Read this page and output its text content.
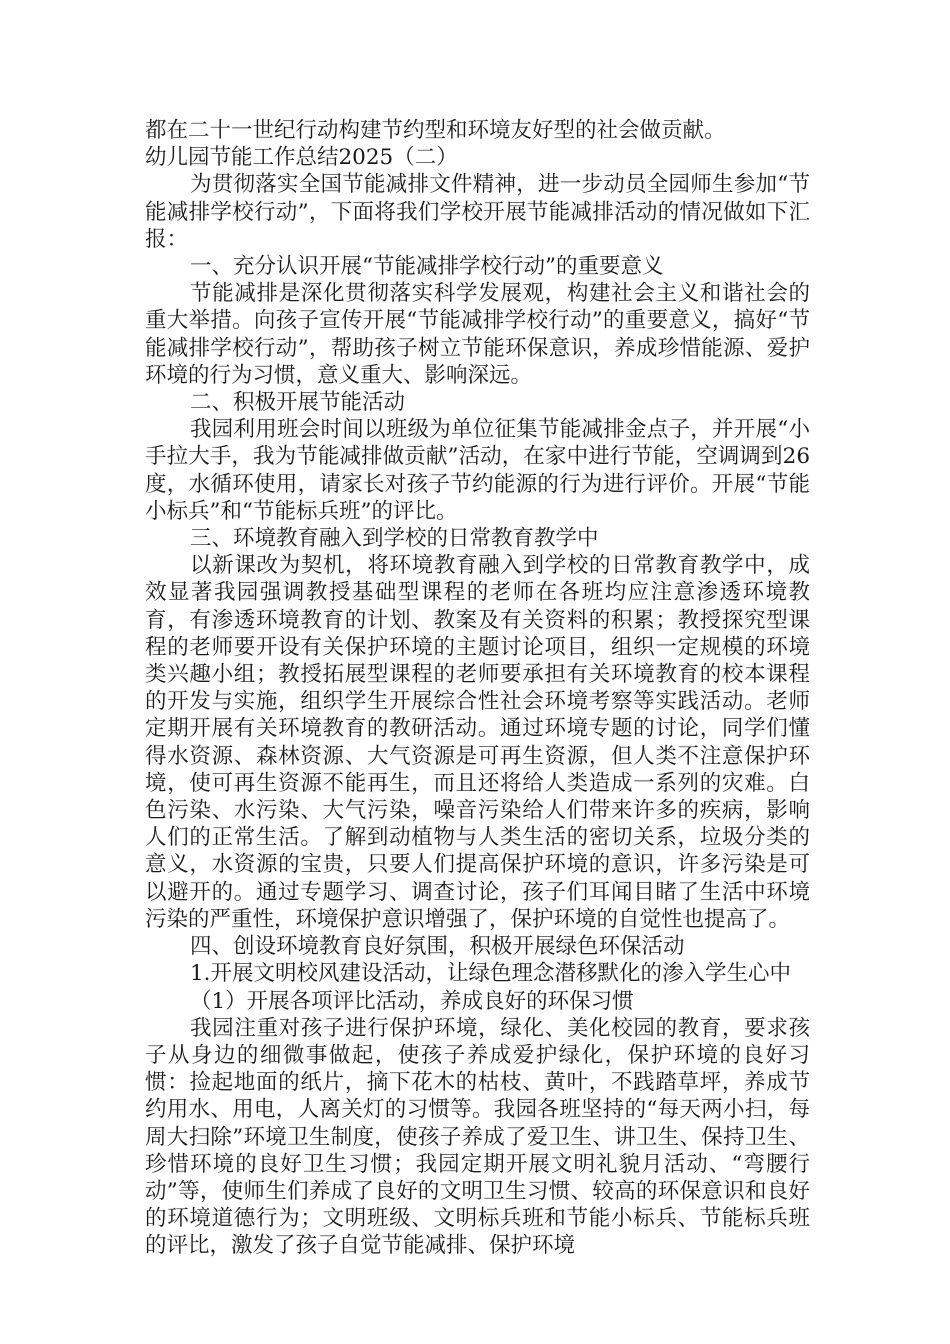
都在二十一世纪行动构建节约型和环境友好型的社会做贡献。

幼儿园节能工作总结2025（二）

为贯彻落实全国节能减排文件精神，进一步动员全园师生参加“节能减排学校行动”，下面将我们学校开展节能减排活动的情况做如下汇报：

一、充分认识开展“节能减排学校行动”的重要意义

节能减排是深化贯彻落实科学发展观，构建社会主义和谐社会的重大举措。向孩子宣传开展“节能减排学校行动”的重要意义，搞好“节能减排学校行动”，帮助孩子树立节能环保意识，养成珍惜能源、爱护环境的行为习惯，意义重大、影响深远。

二、积极开展节能活动

我园利用班会时间以班级为单位征集节能减排金点子，并开展“小手拉大手，我为节能减排做贡献”活动，在家中进行节能，空调调到26度，水循环使用，请家长对孩子节约能源的行为进行评价。开展“节能小标兵”和“节能标兵班”的评比。

三、环境教育融入到学校的日常教育教学中

以新课改为契机，将环境教育融入到学校的日常教育教学中，成效显著我园强调教授基础型课程的老师在各班均应注意渗透环境教育，有渗透环境教育的计划、教案及有关资料的积累；教授探究型课程的老师要开设有关保护环境的主题讨论项目，组织一定规模的环境类兴趣小组；教授拓展型课程的老师要承担有关环境教育的校本课程的开发与实施，组织学生开展综合性社会环境考察等实践活动。老师定期开展有关环境教育的教研活动。通过环境专题的讨论，同学们懂得水资源、森林资源、大气资源是可再生资源，但人类不注意保护环境，使可再生资源不能再生，而且还将给人类造成一系列的灾难。白色污染、水污染、大气污染，噪音污染给人们带来许多的疾病，影响人们的正常生活。了解到动植物与人类生活的密切关系，垃圾分类的意义，水资源的宝贵，只要人们提高保护环境的意识，许多污染是可以避开的。通过专题学习、调查讨论，孩子们耳闻目睹了生活中环境污染的严重性，环境保护意识增强了，保护环境的自觉性也提高了。

四、创设环境教育良好氛围，积极开展绿色环保活动

1.开展文明校风建设活动，让绿色理念潜移默化的渗入学生心中

（1）开展各项评比活动，养成良好的环保习惯

我园注重对孩子进行保护环境，绿化、美化校园的教育，要求孩子从身边的细微事做起，使孩子养成爱护绿化，保护环境的良好习惯：捡起地面的纸片，摘下花木的枯枝、黄叶，不践踏草坪，养成节约用水、用电，人离关灯的习惯等。我园各班坚持的“每天两小扫，每周大扫除”环境卫生制度，使孩子养成了爱卫生、讲卫生、保持卫生、珍惜环境的良好卫生习惯；我园定期开展文明礼貌月活动、“弯腰行动”等，使师生们养成了良好的文明卫生习惯、较高的环保意识和良好的环境道德行为；文明班级、文明标兵班和节能小标兵、节能标兵班的评比，激发了孩子自觉节能减排、保护环境
